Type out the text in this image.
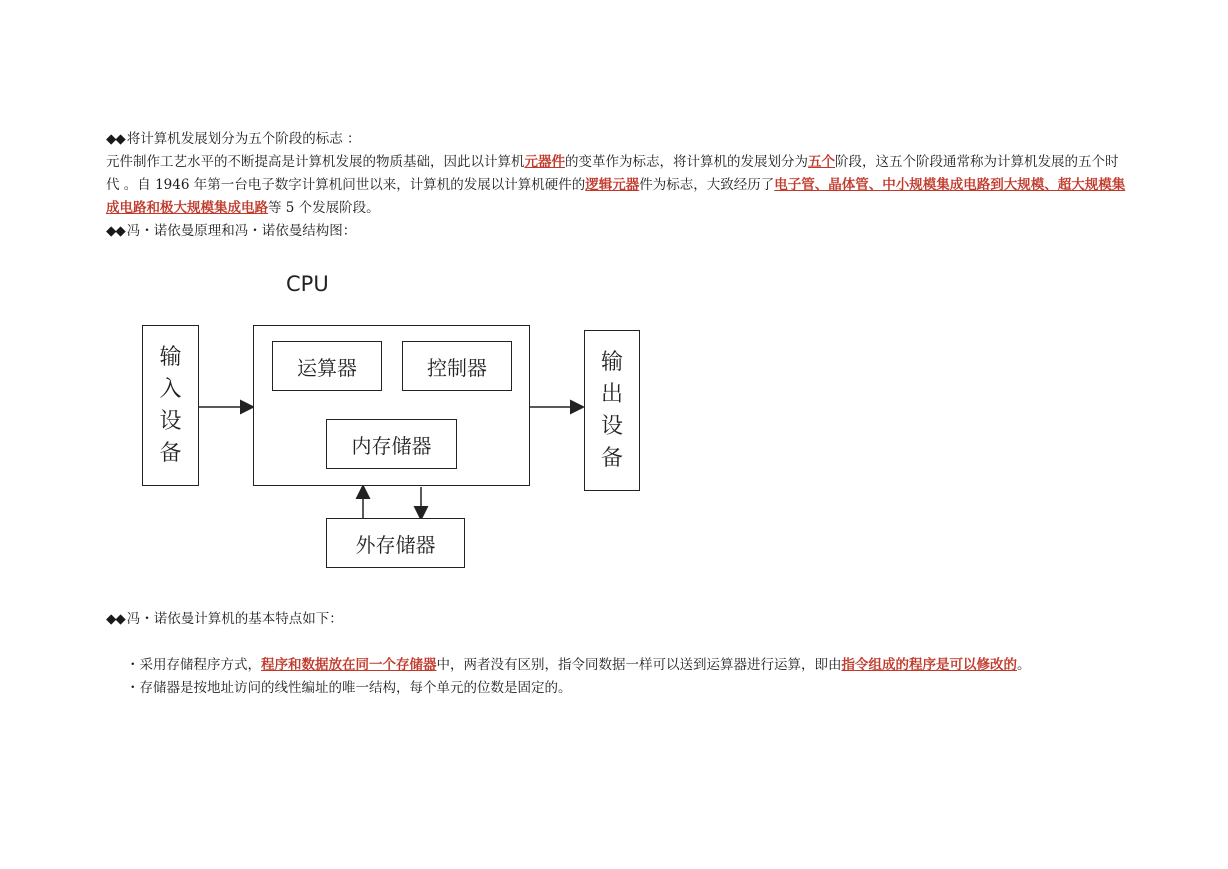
◆◆ 将计算机发展划分为五个阶段的标志 ：

元件制作工艺水平的不断提高是计算机发展的物质基础，因此以计算机元器件的变革作为标志，将计算机的发展划分为五个阶段，这五个阶段通常称为计算机发展的五个时代 。自 1946 年第一台电子数字计算机问世以来，计算机的发展以计算机硬件的逻辑元器件为标志，大致经历了电子管、晶体管、中小规模集成电路到大规模、超大规模集成电路和极大规模集成电路等 5 个发展阶段。

◆◆ 冯・诺依曼原理和冯・诺依曼结构图：

CPU
输
入
设
备
运算器	控制器
内存储器
输
出
设
备
外存储器

◆◆ 冯・诺依曼计算机的基本特点如下：

・采用存储程序方式，程序和数据放在同一个存储器中，两者没有区别，指令同数据一样可以送到运算器进行运算，即由指令组成的程序是可以修改的。

・存储器是按地址访问的线性编址的唯一结构，每个单元的位数是固定的。
